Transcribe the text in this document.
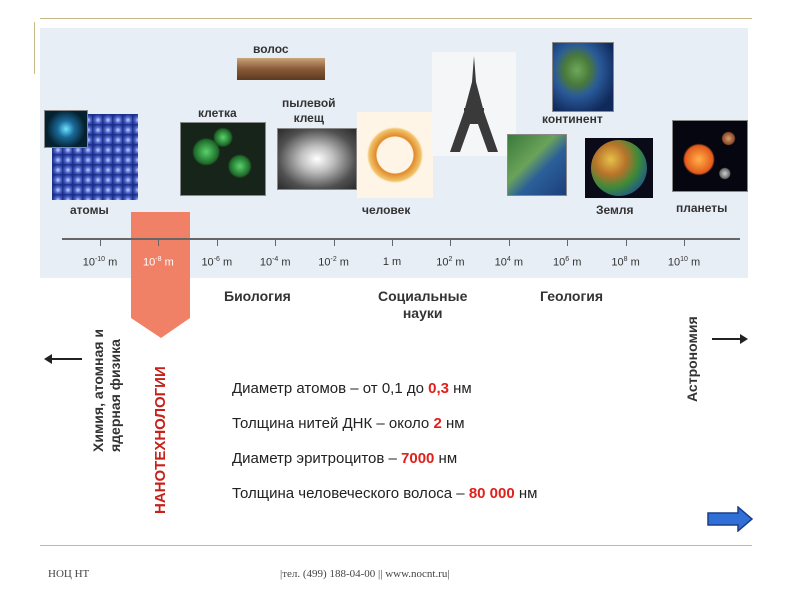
волос
атомы
клетка
пылевой
клещ
человек
континент
Земля	планеты
$10^{-10}$ m $10^{-8}$ m	$10^{-6}$ m	$10^{-4}$ m	$10^{-2}$ m	1 m	$10^2$ m	$10^4$ m	$10^6$ m	$10^8$ m	$10^{10}$ m
Биология	Социальные
науки
Геология
Химия, атомная и
ядерная физика
НАНОТЕХНОЛОГИИ
Астрономия
Диаметр атомов – от 0,1 до 0,3 нм
Толщина нитей ДНК – около 2 нм
Диаметр эритроцитов – 7000 нм
Толщина человеческого волоса – 80 000 нм
НОЦ НТ	|тел. (499) 188-04-00 || www.nocnt.ru|
